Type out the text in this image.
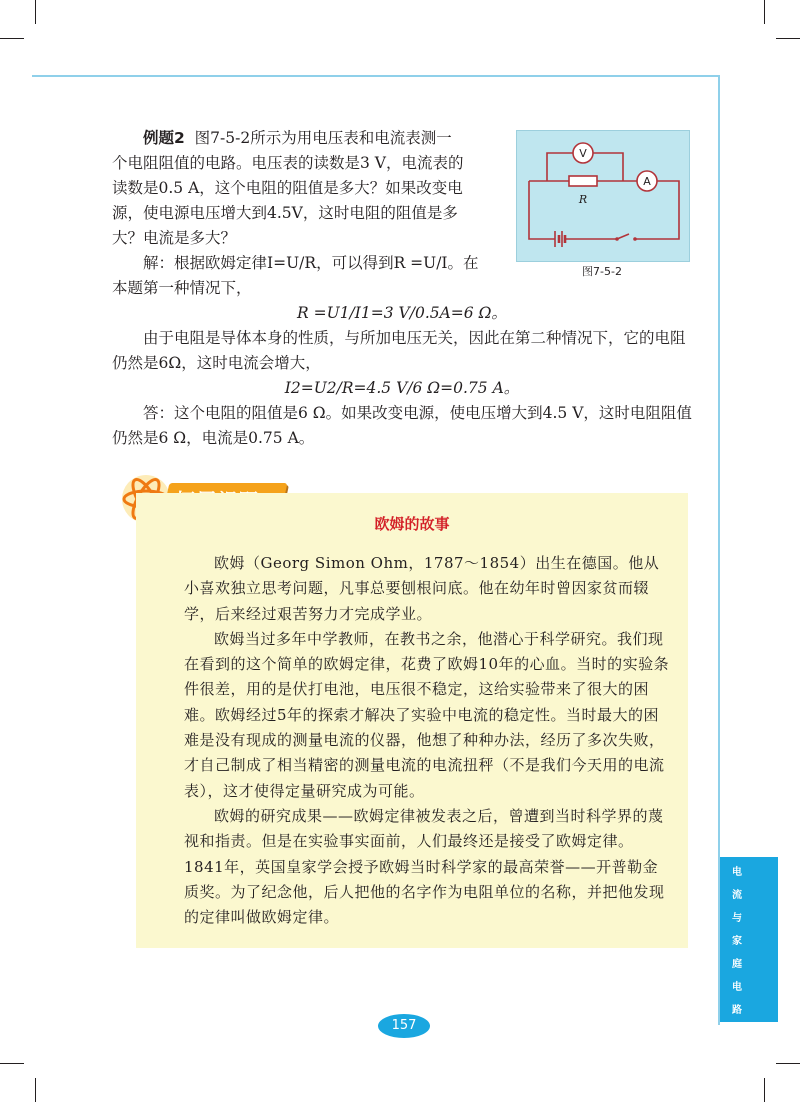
例题2 图7-5-2所示为用电压表和电流表测一

个电阻阻值的电路。电压表的读数是3 V，电流表的

读数是0.5 A，这个电阻的阻值是多大？如果改变电

源，使电源电压增大到4.5V，这时电阻的阻值是多

大？电流是多大？

解：根据欧姆定律I=U/R，可以得到R =U/I。在

本题第一种情况下，

R =U1/I1=3 V/0.5A=6 Ω。

由于电阻是导体本身的性质，与所加电压无关，因此在第二种情况下，它的电阻仍然是6Ω，这时电流会增大，

I2=U2/R=4.5 V/6 Ω=0.75 A。

答：这个电阻的阻值是6 Ω。如果改变电源，使电压增大到4.5 V，这时电阻阻值仍然是6 Ω，电流是0.75 A。

V
R
A
图7-5-2
欧姆的故事

欧姆（Georg Simon Ohm，1787～1854）出生在德国。他从小喜欢独立思考问题，凡事总要刨根问底。他在幼年时曾因家贫而辍学，后来经过艰苦努力才完成学业。

欧姆当过多年中学教师，在教书之余，他潜心于科学研究。我们现在看到的这个简单的欧姆定律，花费了欧姆10年的心血。当时的实验条件很差，用的是伏打电池，电压很不稳定，这给实验带来了很大的困难。欧姆经过5年的探索才解决了实验中电流的稳定性。当时最大的困难是没有现成的测量电流的仪器，他想了种种办法，经历了多次失败，才自己制成了相当精密的测量电流的电流扭秤（不是我们今天用的电流表），这才使得定量研究成为可能。

欧姆的研究成果——欧姆定律被发表之后，曾遭到当时科学界的蔑视和指责。但是在实验事实面前，人们最终还是接受了欧姆定律。1841年，英国皇家学会授予欧姆当时科学家的最高荣誉——开普勒金质奖。为了纪念他，后人把他的名字作为电阻单位的名称，并把他发现的定律叫做欧姆定律。

电
流
与
家
庭
电
路
157
